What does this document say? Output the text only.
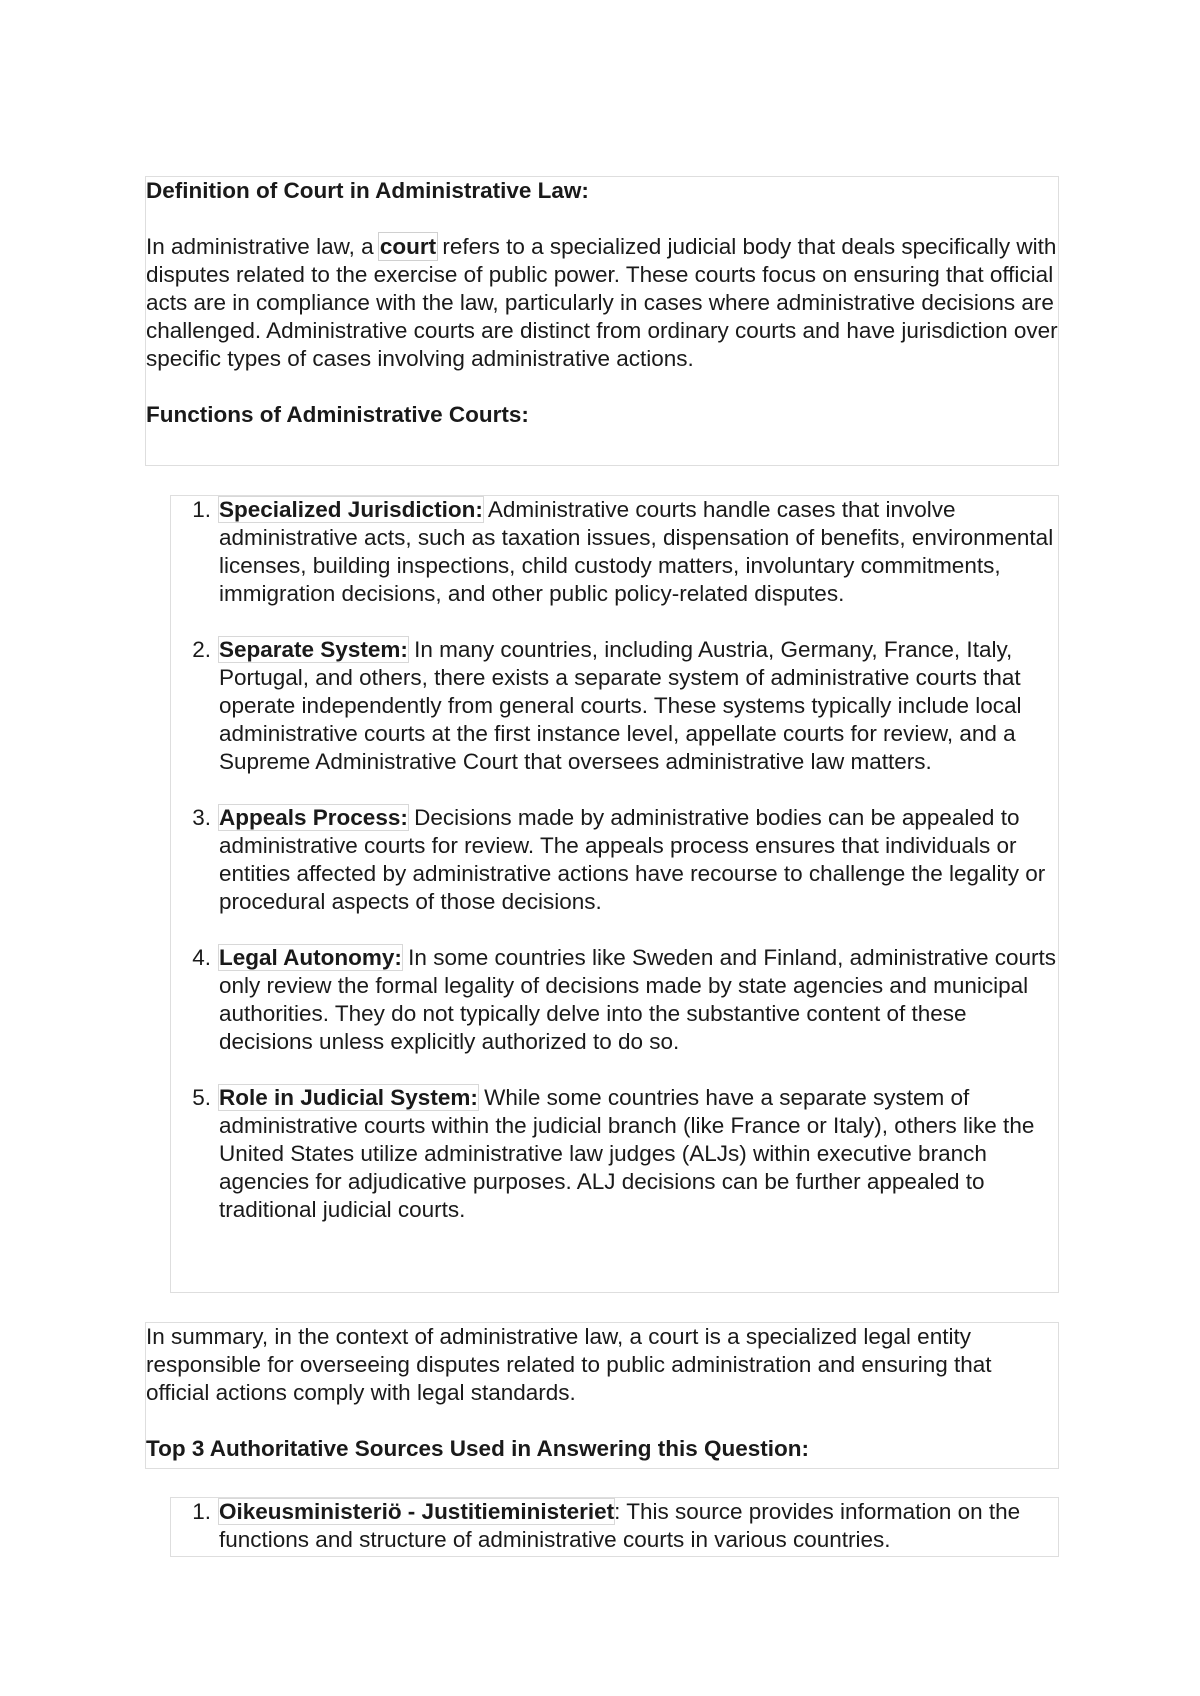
Definition of Court in Administrative Law:

In administrative law, a court refers to a specialized judicial body that deals specifically with disputes related to the exercise of public power. These courts focus on ensuring that official acts are in compliance with the law, particularly in cases where administrative decisions are challenged. Administrative courts are distinct from ordinary courts and have jurisdiction over specific types of cases involving administrative actions.

Functions of Administrative Courts:

1. Specialized Jurisdiction: Administrative courts handle cases that involve administrative acts, such as taxation issues, dispensation of benefits, environmental licenses, building inspections, child custody matters, involuntary commitments, immigration decisions, and other public policy-related disputes.
2. Separate System: In many countries, including Austria, Germany, France, Italy, Portugal, and others, there exists a separate system of administrative courts that operate independently from general courts. These systems typically include local administrative courts at the first instance level, appellate courts for review, and a Supreme Administrative Court that oversees administrative law matters.
3. Appeals Process: Decisions made by administrative bodies can be appealed to administrative courts for review. The appeals process ensures that individuals or entities affected by administrative actions have recourse to challenge the legality or procedural aspects of those decisions.
4. Legal Autonomy: In some countries like Sweden and Finland, administrative courts only review the formal legality of decisions made by state agencies and municipal authorities. They do not typically delve into the substantive content of these decisions unless explicitly authorized to do so.
5. Role in Judicial System: While some countries have a separate system of administrative courts within the judicial branch (like France or Italy), others like the United States utilize administrative law judges (ALJs) within executive branch agencies for adjudicative purposes. ALJ decisions can be further appealed to traditional judicial courts.

In summary, in the context of administrative law, a court is a specialized legal entity responsible for overseeing disputes related to public administration and ensuring that official actions comply with legal standards.

Top 3 Authoritative Sources Used in Answering this Question:

1. Oikeusministeriö - Justitieministeriet: This source provides information on the functions and structure of administrative courts in various countries.
